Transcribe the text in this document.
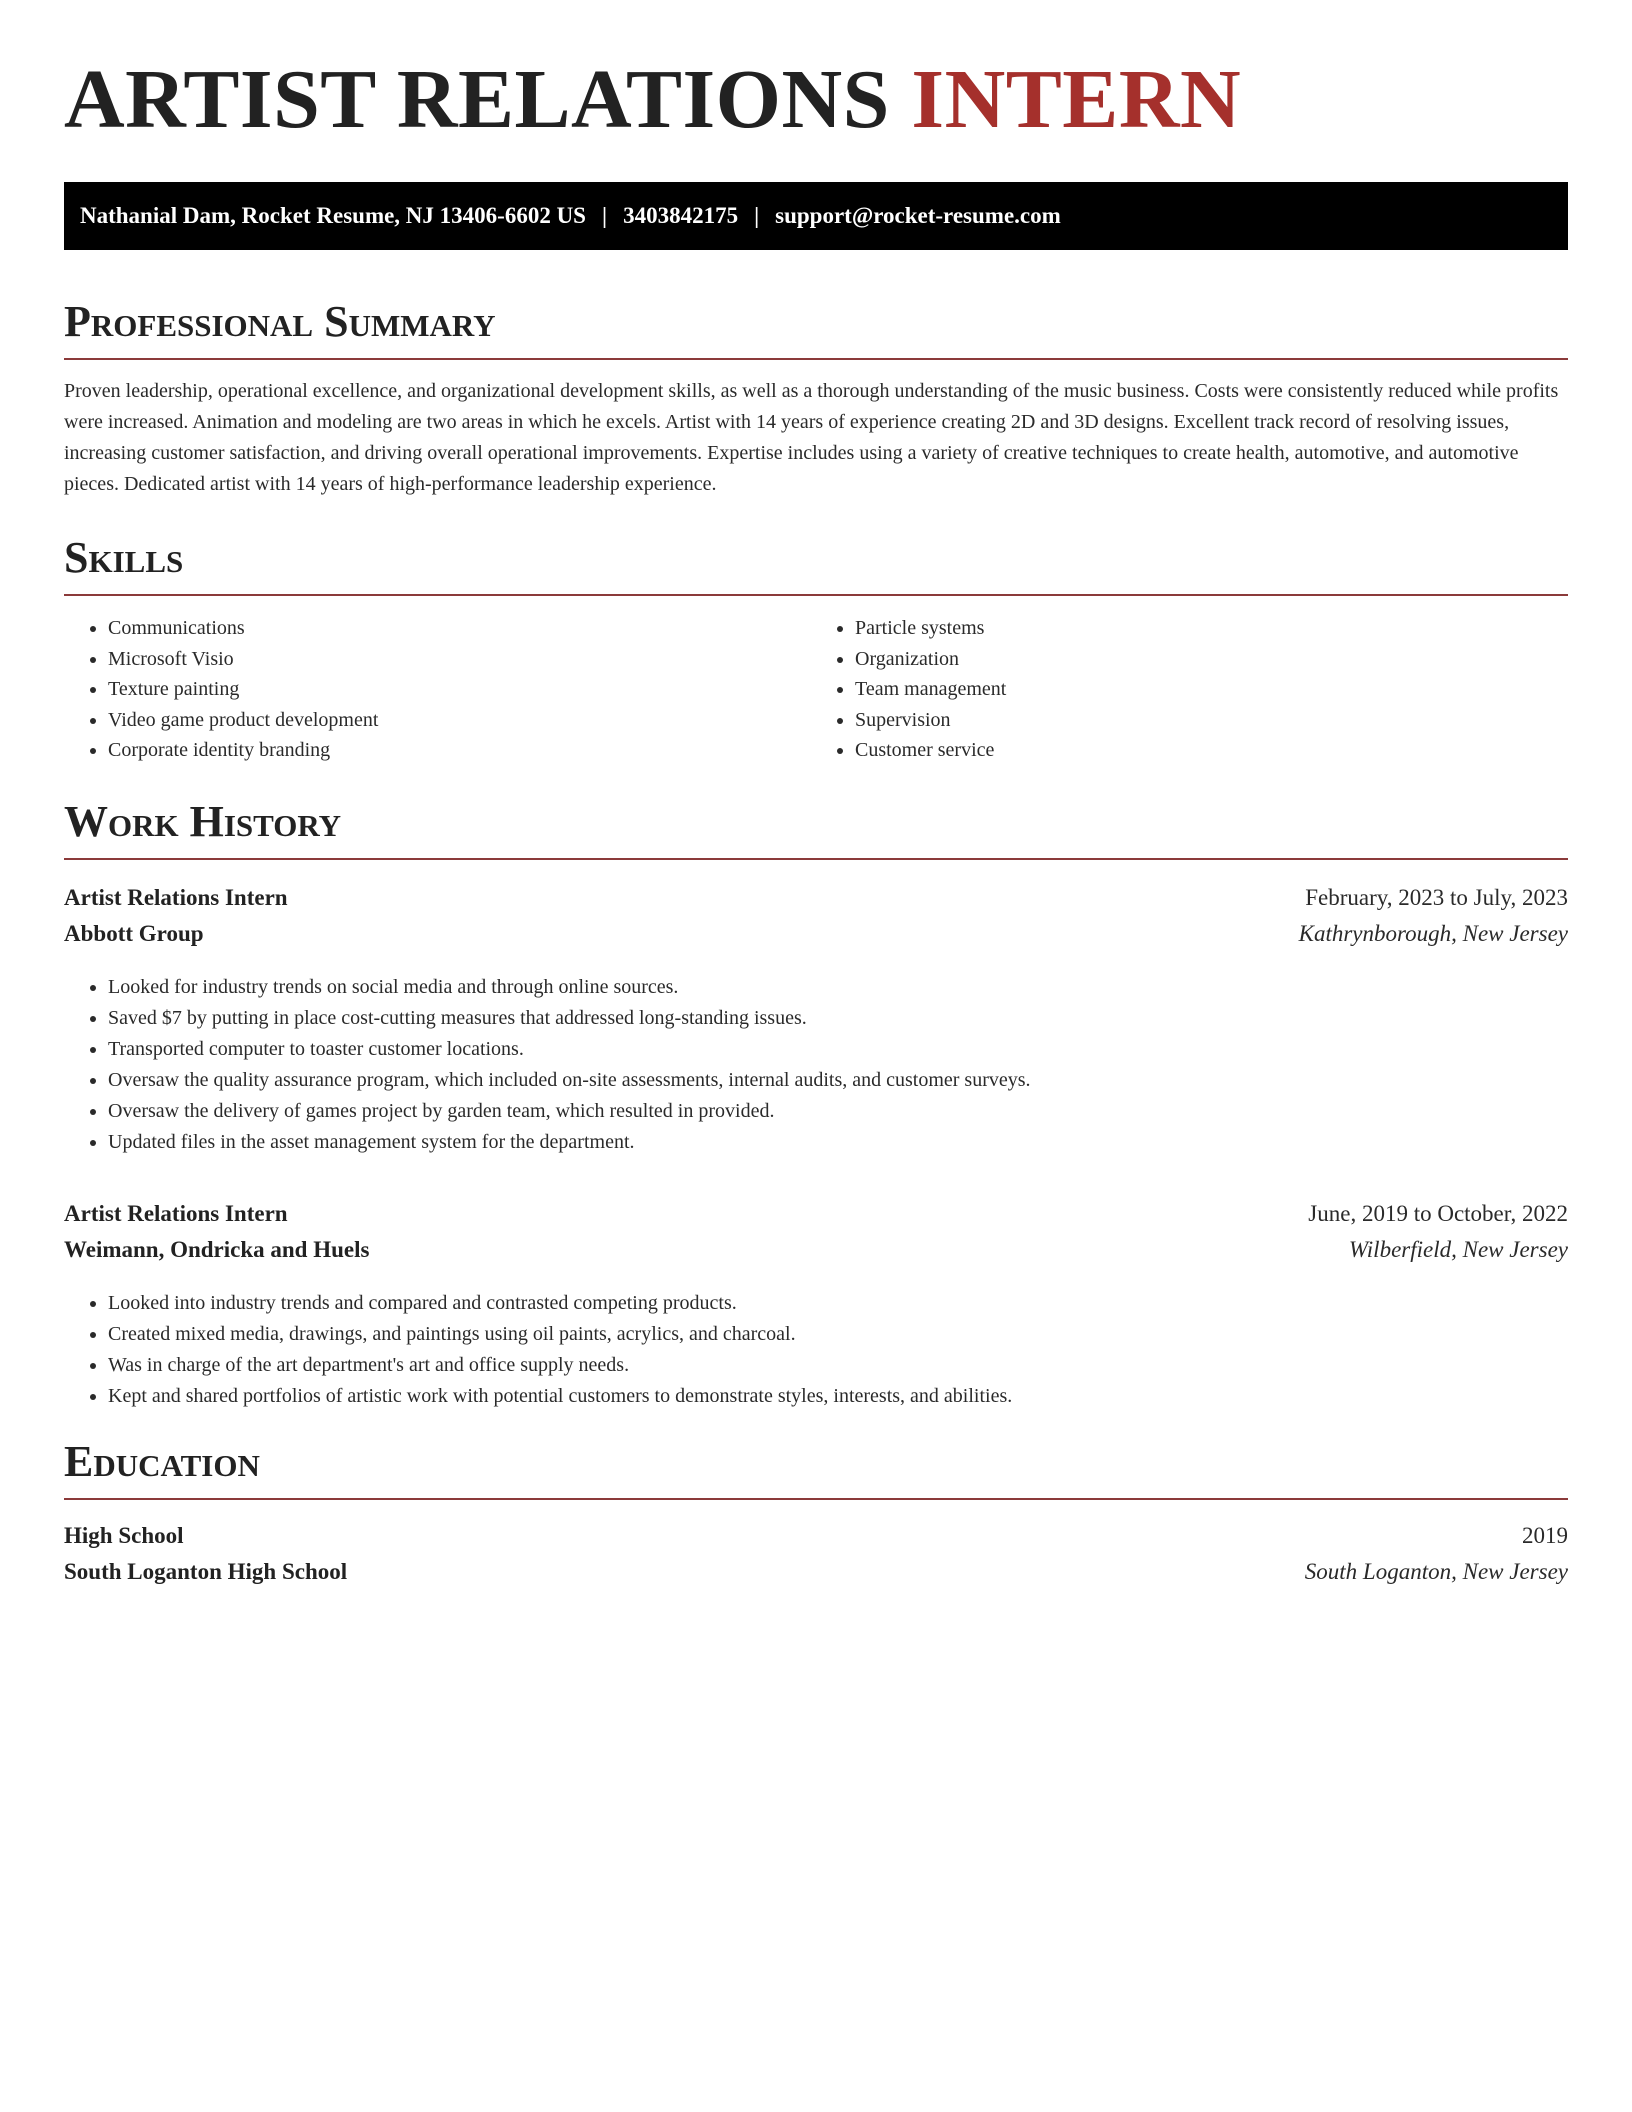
ARTIST RELATIONS INTERN
Nathanial Dam, Rocket Resume, NJ 13406-6602 US | 3403842175 | support@rocket-resume.com
Professional Summary

Proven leadership, operational excellence, and organizational development skills, as well as a thorough understanding of the music business. Costs were consistently reduced while profits were increased. Animation and modeling are two areas in which he excels. Artist with 14 years of experience creating 2D and 3D designs. Excellent track record of resolving issues, increasing customer satisfaction, and driving overall operational improvements. Expertise includes using a variety of creative techniques to create health, automotive, and automotive pieces. Dedicated artist with 14 years of high-performance leadership experience.

Skills
• Communications
• Microsoft Visio
• Texture painting
• Video game product development
• Corporate identity branding
• Particle systems
• Organization
• Team management
• Supervision
• Customer service
Work History
Artist Relations Intern	February, 2023 to July, 2023
Abbott Group	Kathrynborough, New Jersey
• Looked for industry trends on social media and through online sources.
• Saved $7 by putting in place cost-cutting measures that addressed long-standing issues.
• Transported computer to toaster customer locations.
• Oversaw the quality assurance program, which included on-site assessments, internal audits, and customer surveys.
• Oversaw the delivery of games project by garden team, which resulted in provided.
• Updated files in the asset management system for the department.
Artist Relations Intern	June, 2019 to October, 2022
Weimann, Ondricka and Huels	Wilberfield, New Jersey
• Looked into industry trends and compared and contrasted competing products.
• Created mixed media, drawings, and paintings using oil paints, acrylics, and charcoal.
• Was in charge of the art department's art and office supply needs.
• Kept and shared portfolios of artistic work with potential customers to demonstrate styles, interests, and abilities.
Education
High School	2019
South Loganton High School	South Loganton, New Jersey
